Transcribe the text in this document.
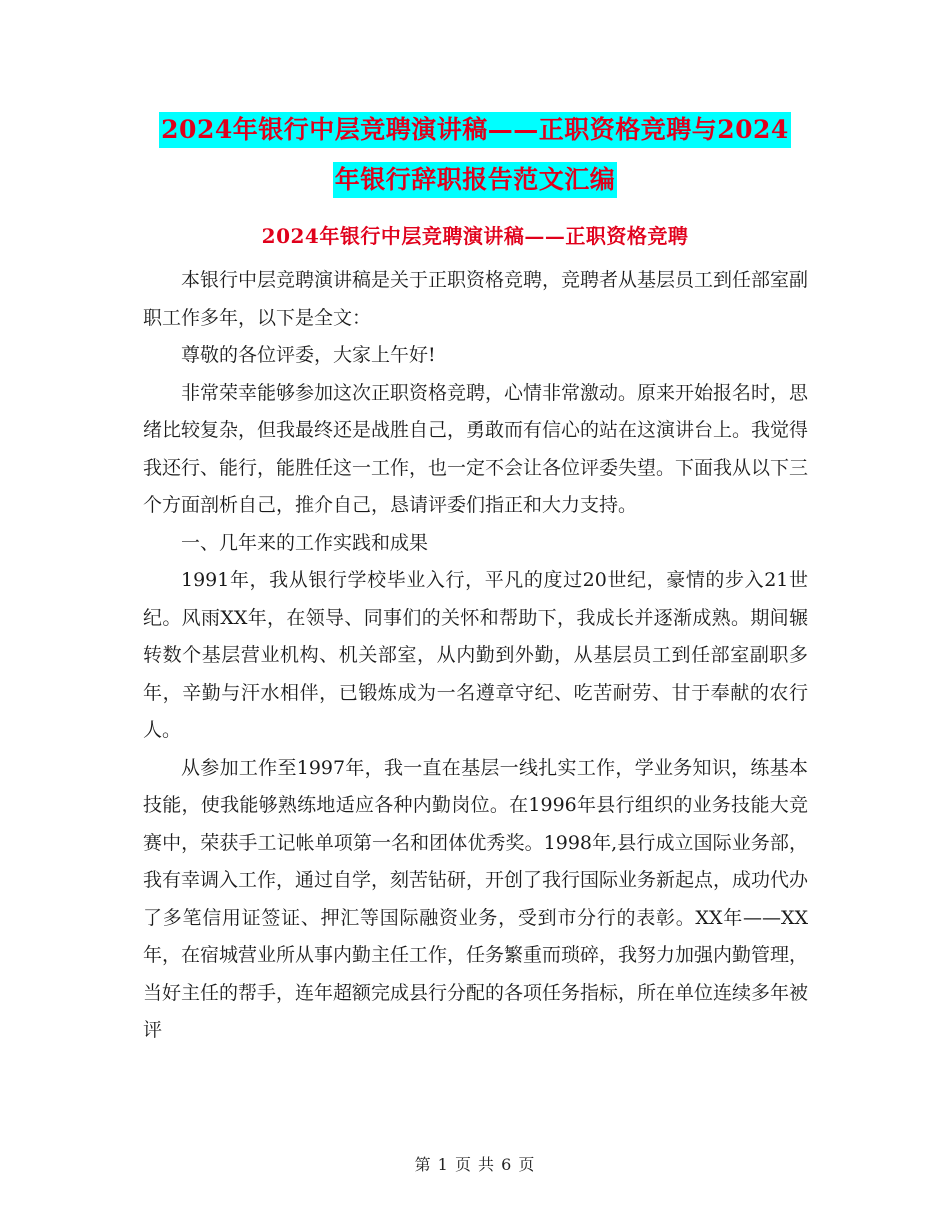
2024年银行中层竞聘演讲稿——正职资格竞聘与2024
年银行辞职报告范文汇编
2024年银行中层竞聘演讲稿——正职资格竞聘

本银行中层竞聘演讲稿是关于正职资格竞聘，竞聘者从基层员工到任部室副职工作多年，以下是全文：

尊敬的各位评委，大家上午好!

非常荣幸能够参加这次正职资格竞聘，心情非常激动。原来开始报名时，思绪比较复杂，但我最终还是战胜自己，勇敢而有信心的站在这演讲台上。我觉得我还行、能行，能胜任这一工作，也一定不会让各位评委失望。下面我从以下三个方面剖析自己，推介自己，恳请评委们指正和大力支持。

一、几年来的工作实践和成果

1991年，我从银行学校毕业入行，平凡的度过20世纪，豪情的步入21世纪。风雨XX年，在领导、同事们的关怀和帮助下，我成长并逐渐成熟。期间辗转数个基层营业机构、机关部室，从内勤到外勤，从基层员工到任部室副职多年，辛勤与汗水相伴，已锻炼成为一名遵章守纪、吃苦耐劳、甘于奉献的农行人。

从参加工作至1997年，我一直在基层一线扎实工作，学业务知识，练基本技能，使我能够熟练地适应各种内勤岗位。在1996年县行组织的业务技能大竞赛中，荣获手工记帐单项第一名和团体优秀奖。1998年,县行成立国际业务部，我有幸调入工作，通过自学，刻苦钻研，开创了我行国际业务新起点，成功代办了多笔信用证签证、押汇等国际融资业务，受到市分行的表彰。XX年——XX年，在宿城营业所从事内勤主任工作，任务繁重而琐碎，我努力加强内勤管理，当好主任的帮手，连年超额完成县行分配的各项任务指标，所在单位连续多年被评

第 1 页 共 6 页
